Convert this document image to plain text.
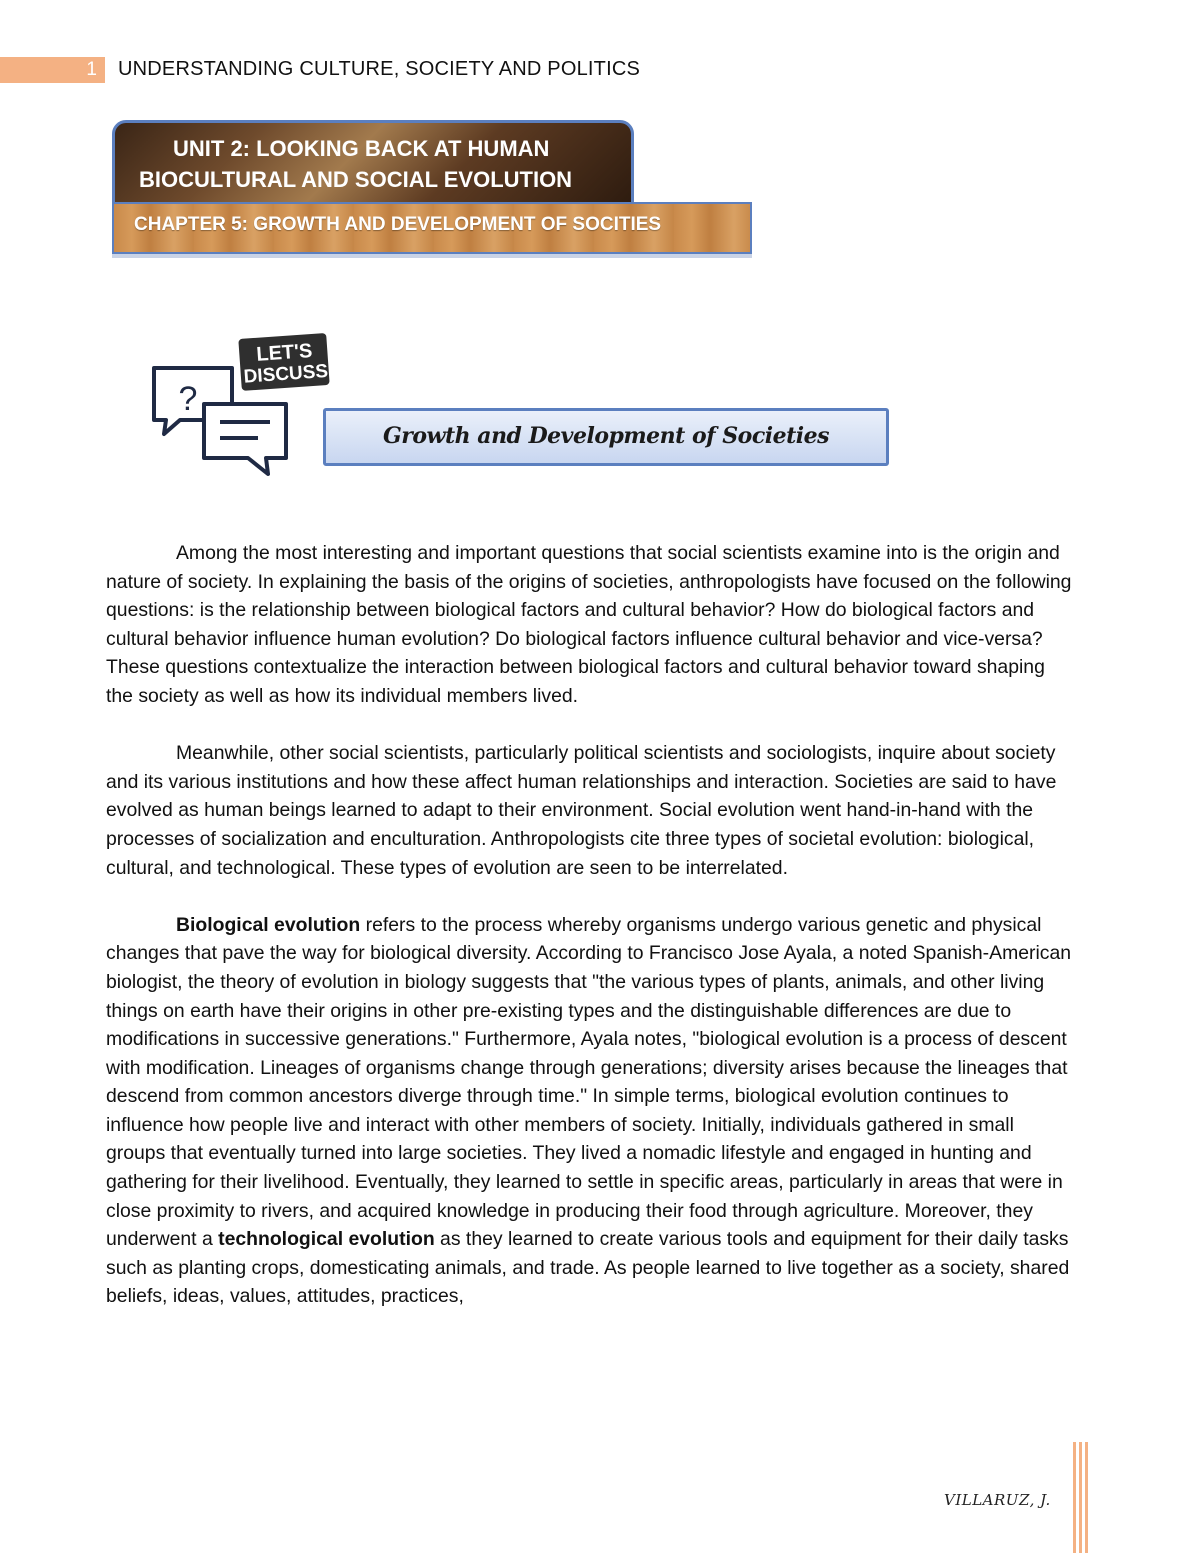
1 UNDERSTANDING CULTURE, SOCIETY AND POLITICS
UNIT 2: LOOKING BACK AT HUMAN
BIOCULTURAL AND SOCIAL EVOLUTION
CHAPTER 5: GROWTH AND DEVELOPMENT OF SOCITIES
LET'S
DISCUSS
?
Growth and Development of Societies

Among the most interesting and important questions that social scientists examine into is the origin and nature of society. In explaining the basis of the origins of societies, anthropologists have focused on the following questions: is the relationship between biological factors and cultural behavior? How do biological factors and cultural behavior influence human evolution? Do biological factors influence cultural behavior and vice-versa? These questions contextualize the interaction between biological factors and cultural behavior toward shaping the society as well as how its individual members lived.

Meanwhile, other social scientists, particularly political scientists and sociologists, inquire about society and its various institutions and how these affect human relationships and interaction. Societies are said to have evolved as human beings learned to adapt to their environment. Social evolution went hand-in-hand with the processes of socialization and enculturation. Anthropologists cite three types of societal evolution: biological, cultural, and technological. These types of evolution are seen to be interrelated.

Biological evolution refers to the process whereby organisms undergo various genetic and physical changes that pave the way for biological diversity. According to Francisco Jose Ayala, a noted Spanish-American biologist, the theory of evolution in biology suggests that "the various types of plants, animals, and other living things on earth have their origins in other pre-existing types and the distinguishable differences are due to modifications in successive generations." Furthermore, Ayala notes, "biological evolution is a process of descent with modification. Lineages of organisms change through generations; diversity arises because the lineages that descend from common ancestors diverge through time." In simple terms, biological evolution continues to influence how people live and interact with other members of society. Initially, individuals gathered in small groups that eventually turned into large societies. They lived a nomadic lifestyle and engaged in hunting and gathering for their livelihood. Eventually, they learned to settle in specific areas, particularly in areas that were in close proximity to rivers, and acquired knowledge in producing their food through agriculture. Moreover, they underwent a technological evolution as they learned to create various tools and equipment for their daily tasks such as planting crops, domesticating animals, and trade. As people learned to live together as a society, shared beliefs, ideas, values, attitudes, practices,

VILLARUZ, J.
